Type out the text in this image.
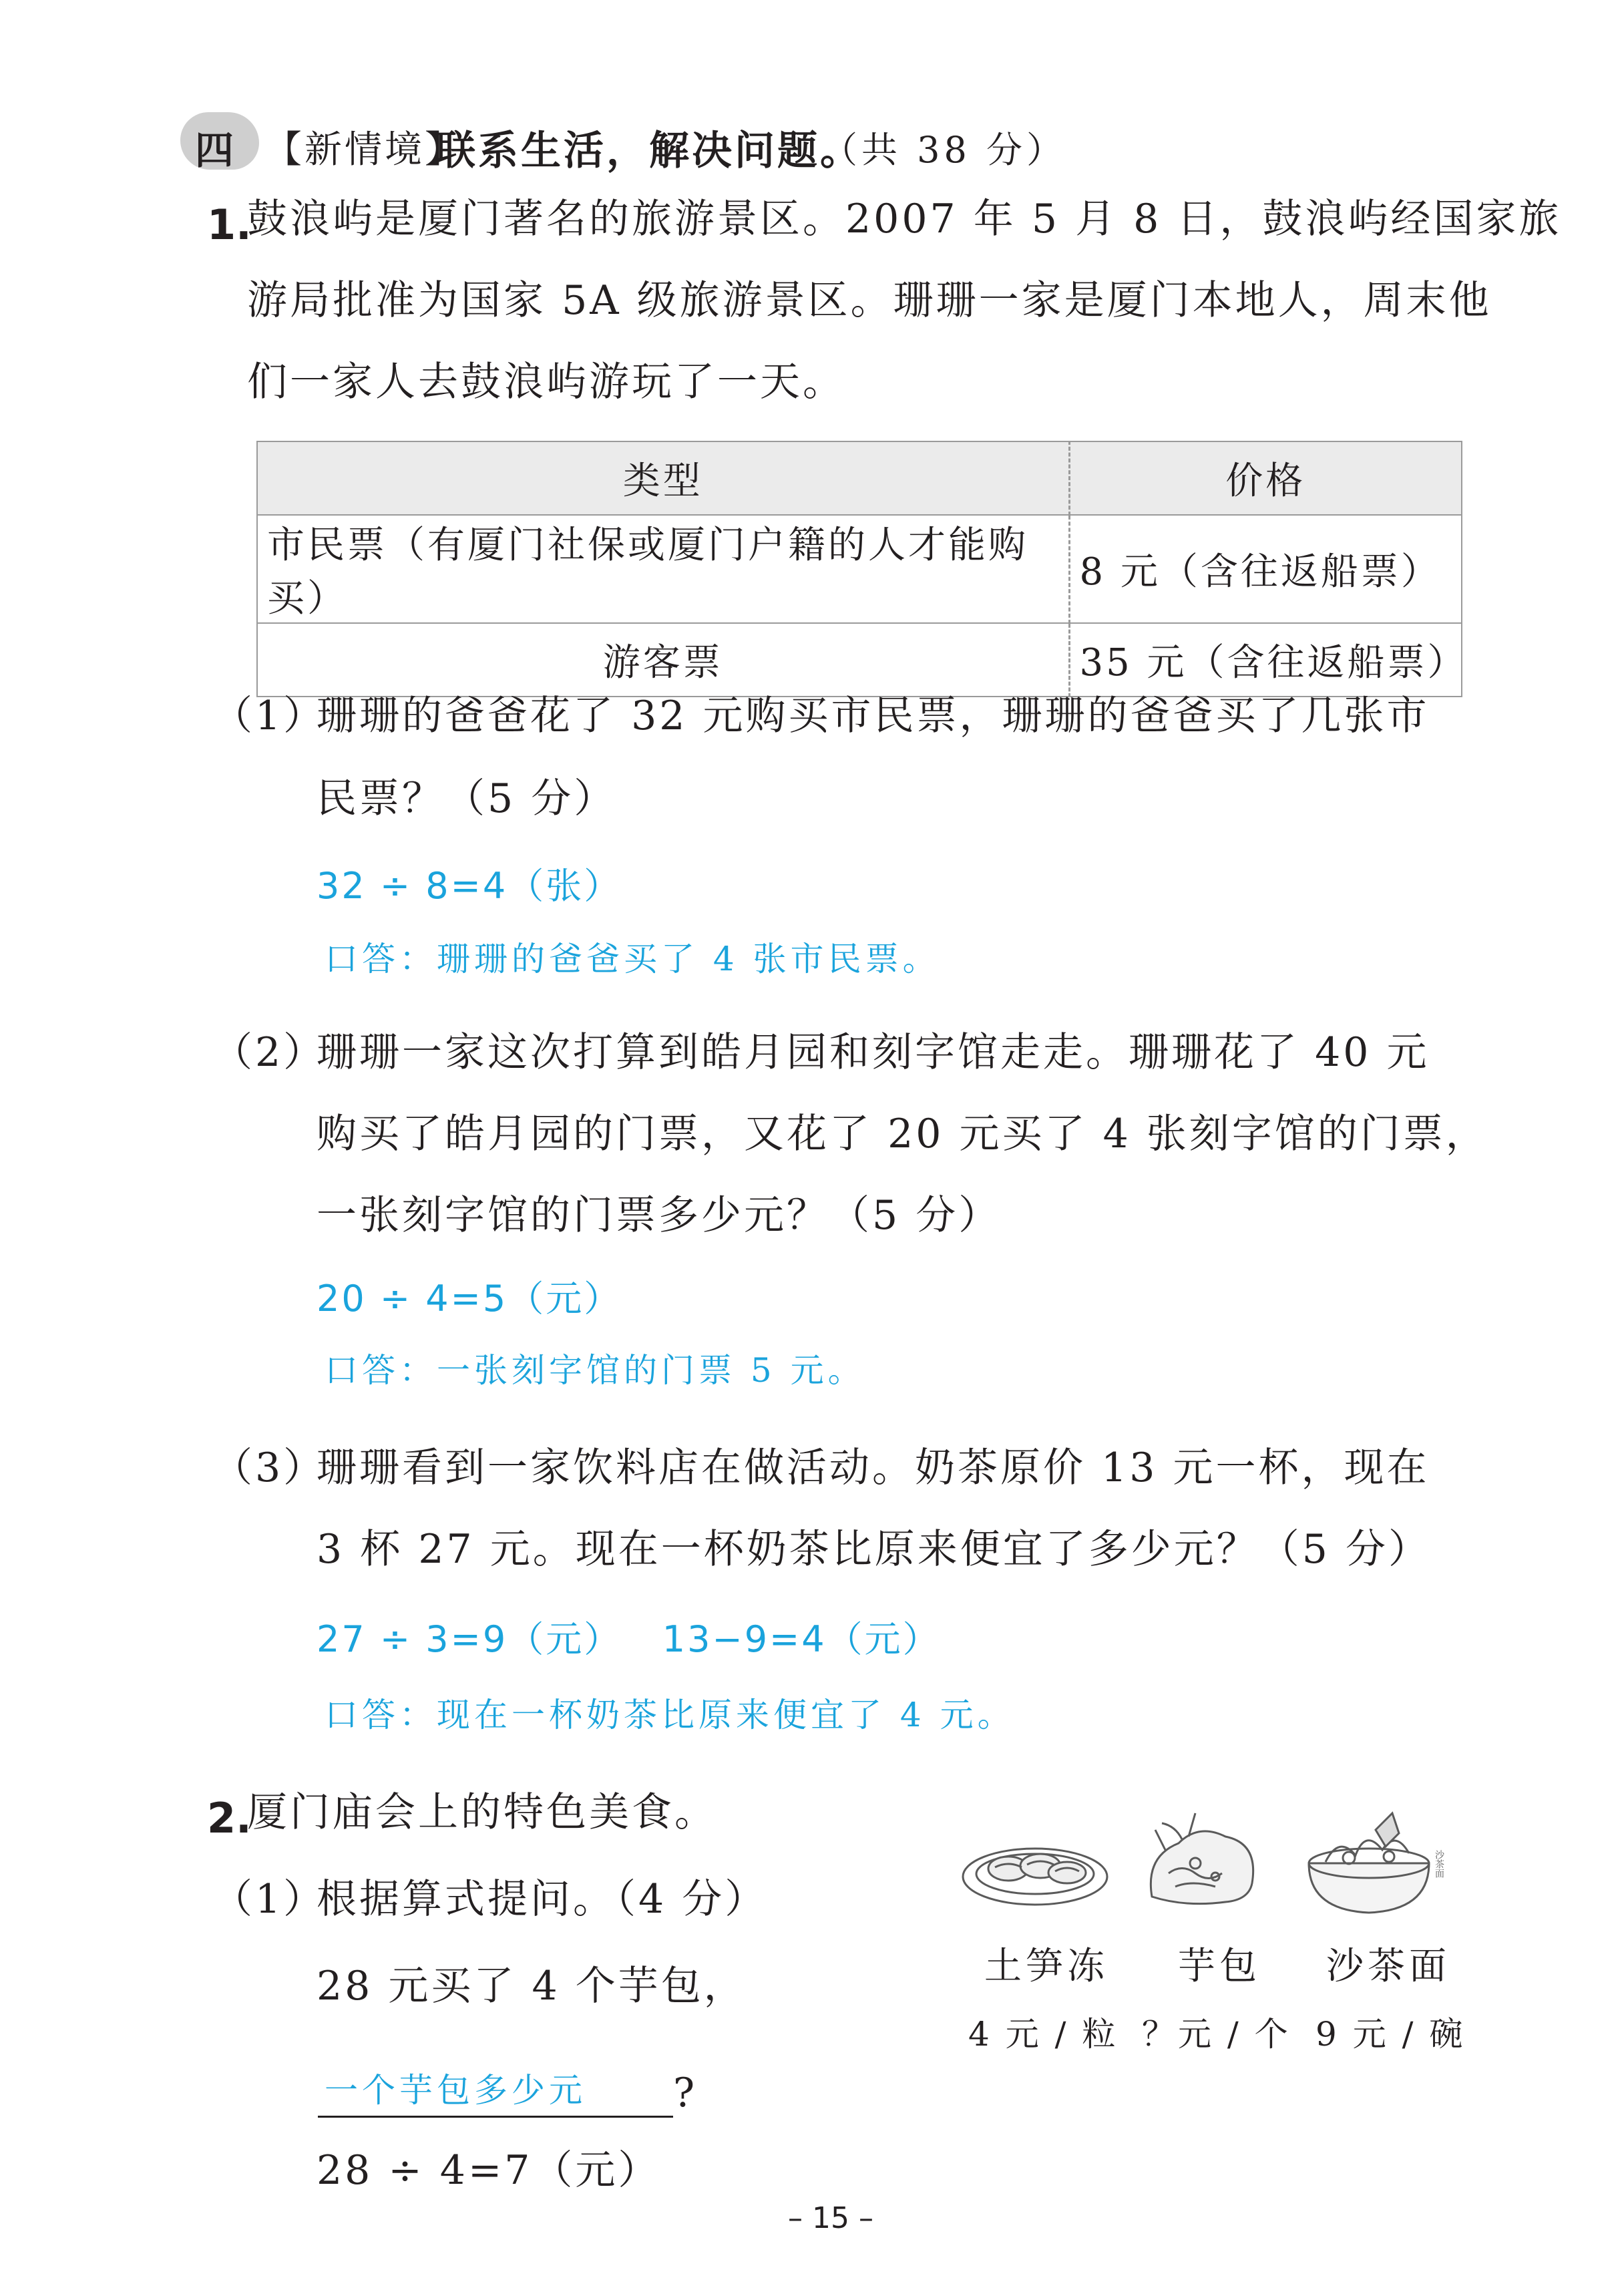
四 【新情境】
联系生活，解决问题。
（共 38 分）
1.
鼓浪屿是厦门著名的旅游景区。2007 年 5 月 8 日，鼓浪屿经国家旅
游局批准为国家 5A 级旅游景区。珊珊一家是厦门本地人，周末他
们一家人去鼓浪屿游玩了一天。
类型	价格
市民票（有厦门社保或厦门户籍的人才能购买）	8 元（含往返船票）
游客票	35 元（含往返船票）
（1）
珊珊的爸爸花了 32 元购买市民票，珊珊的爸爸买了几张市
民票？（5 分）
32 ÷ 8=4（张）
口答：珊珊的爸爸买了 4 张市民票。
（2）
珊珊一家这次打算到皓月园和刻字馆走走。珊珊花了 40 元
购买了皓月园的门票，又花了 20 元买了 4 张刻字馆的门票，
一张刻字馆的门票多少元？（5 分）
20 ÷ 4=5（元）
口答：一张刻字馆的门票 5 元。
（3）
珊珊看到一家饮料店在做活动。奶茶原价 13 元一杯，现在
3 杯 27 元。现在一杯奶茶比原来便宜了多少元？（5 分）
27 ÷ 3=9（元）   13−9=4（元）
口答：现在一杯奶茶比原来便宜了 4 元。
2.
厦门庙会上的特色美食。
沙茶面
土笋冻 芋包 沙茶面
4 元 / 粒 ？元 / 个 9 元 / 碗
（1）
根据算式提问。（4 分）
28 元买了 4 个芋包，
一个芋包多少元 ?
28 ÷ 4=7（元）
– 15 –
